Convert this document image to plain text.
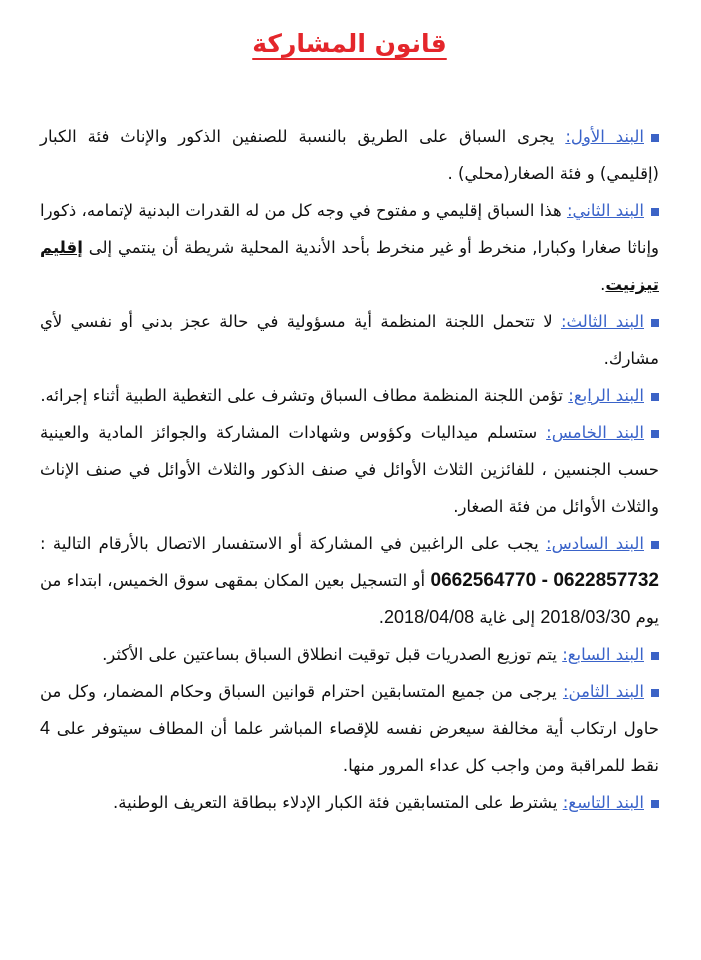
قانون المشاركة

البند الأول: يجرى السباق على الطريق بالنسبة للصنفين الذكور والإناث فئة الكبار (إقليمي) و فئة الصغار(محلي) .

البند الثاني: هذا السباق إقليمي و مفتوح في وجه كل من له القدرات البدنية لإتمامه، ذكورا وإناثا صغارا وكبارا, منخرط أو غير منخرط بأحد الأندية المحلية شريطة أن ينتمي إلى إقليم تيزنيت.

البند الثالث: لا تتحمل اللجنة المنظمة أية مسؤولية في حالة عجز بدني أو نفسي لأي مشارك.

البند الرابع: تؤمن اللجنة المنظمة مطاف السباق وتشرف على التغطية الطبية أثناء إجرائه.

البند الخامس: ستسلم ميداليات وكؤوس وشهادات المشاركة والجوائز المادية والعينية حسب الجنسين ، للفائزين الثلاث الأوائل في صنف الذكور والثلاث الأوائل في صنف الإناث والثلاث الأوائل من فئة الصغار.

البند السادس: يجب على الراغبين في المشاركة أو الاستفسار الاتصال بالأرقام التالية : 0622857732 - 0662564770 أو التسجيل بعين المكان بمقهى سوق الخميس، ابتداء من يوم 2018/03/30 إلى غاية 2018/04/08.

البند السابع: يتم توزيع الصدريات قبل توقيت انطلاق السباق بساعتين على الأكثر.

البند الثامن: يرجى من جميع المتسابقين احترام قوانين السباق وحكام المضمار، وكل من حاول ارتكاب أية مخالفة سيعرض نفسه للإقصاء المباشر علما أن المطاف سيتوفر على 4 نقط للمراقبة ومن واجب كل عداء المرور منها.

البند التاسع: يشترط على المتسابقين فئة الكبار الإدلاء ببطاقة التعريف الوطنية.
